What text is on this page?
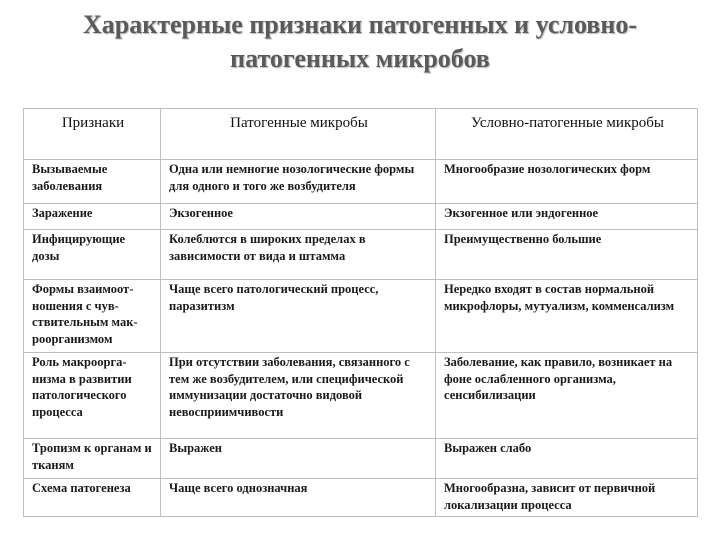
Характерные признаки патогенных и условно-патогенных микробов
Признаки	Патогенные микробы	Условно-патогенные микробы
Вызываемые заболевания	Одна или немногие нозологические формы для одного и того же возбудителя	Многообразие нозологических форм
Заражение	Экзогенное	Экзогенное или эндогенное
Инфицирующие дозы	Колеблются в широких пределах в зависимости от вида и штамма	Преимущественно большие
Формы взаимоот-ношения с чув-ствительным мак-роорганизмом	Чаще всего патологический процесс, паразитизм	Нередко входят в состав нормальной микрофлоры, мутуализм, комменсализм
Роль макроорга-низма в развитии патологического процесса	При отсутствии заболевания, связанного с тем же возбудителем, или специфической иммунизации достаточно видовой невосприимчивости	Заболевание, как правило, возникает на фоне ослабленного организма, сенсибилизации
Тропизм к органам и тканям	Выражен	Выражен слабо
Схема патогенеза	Чаще всего однозначная	Многообразна, зависит от первичной локализации процесса
